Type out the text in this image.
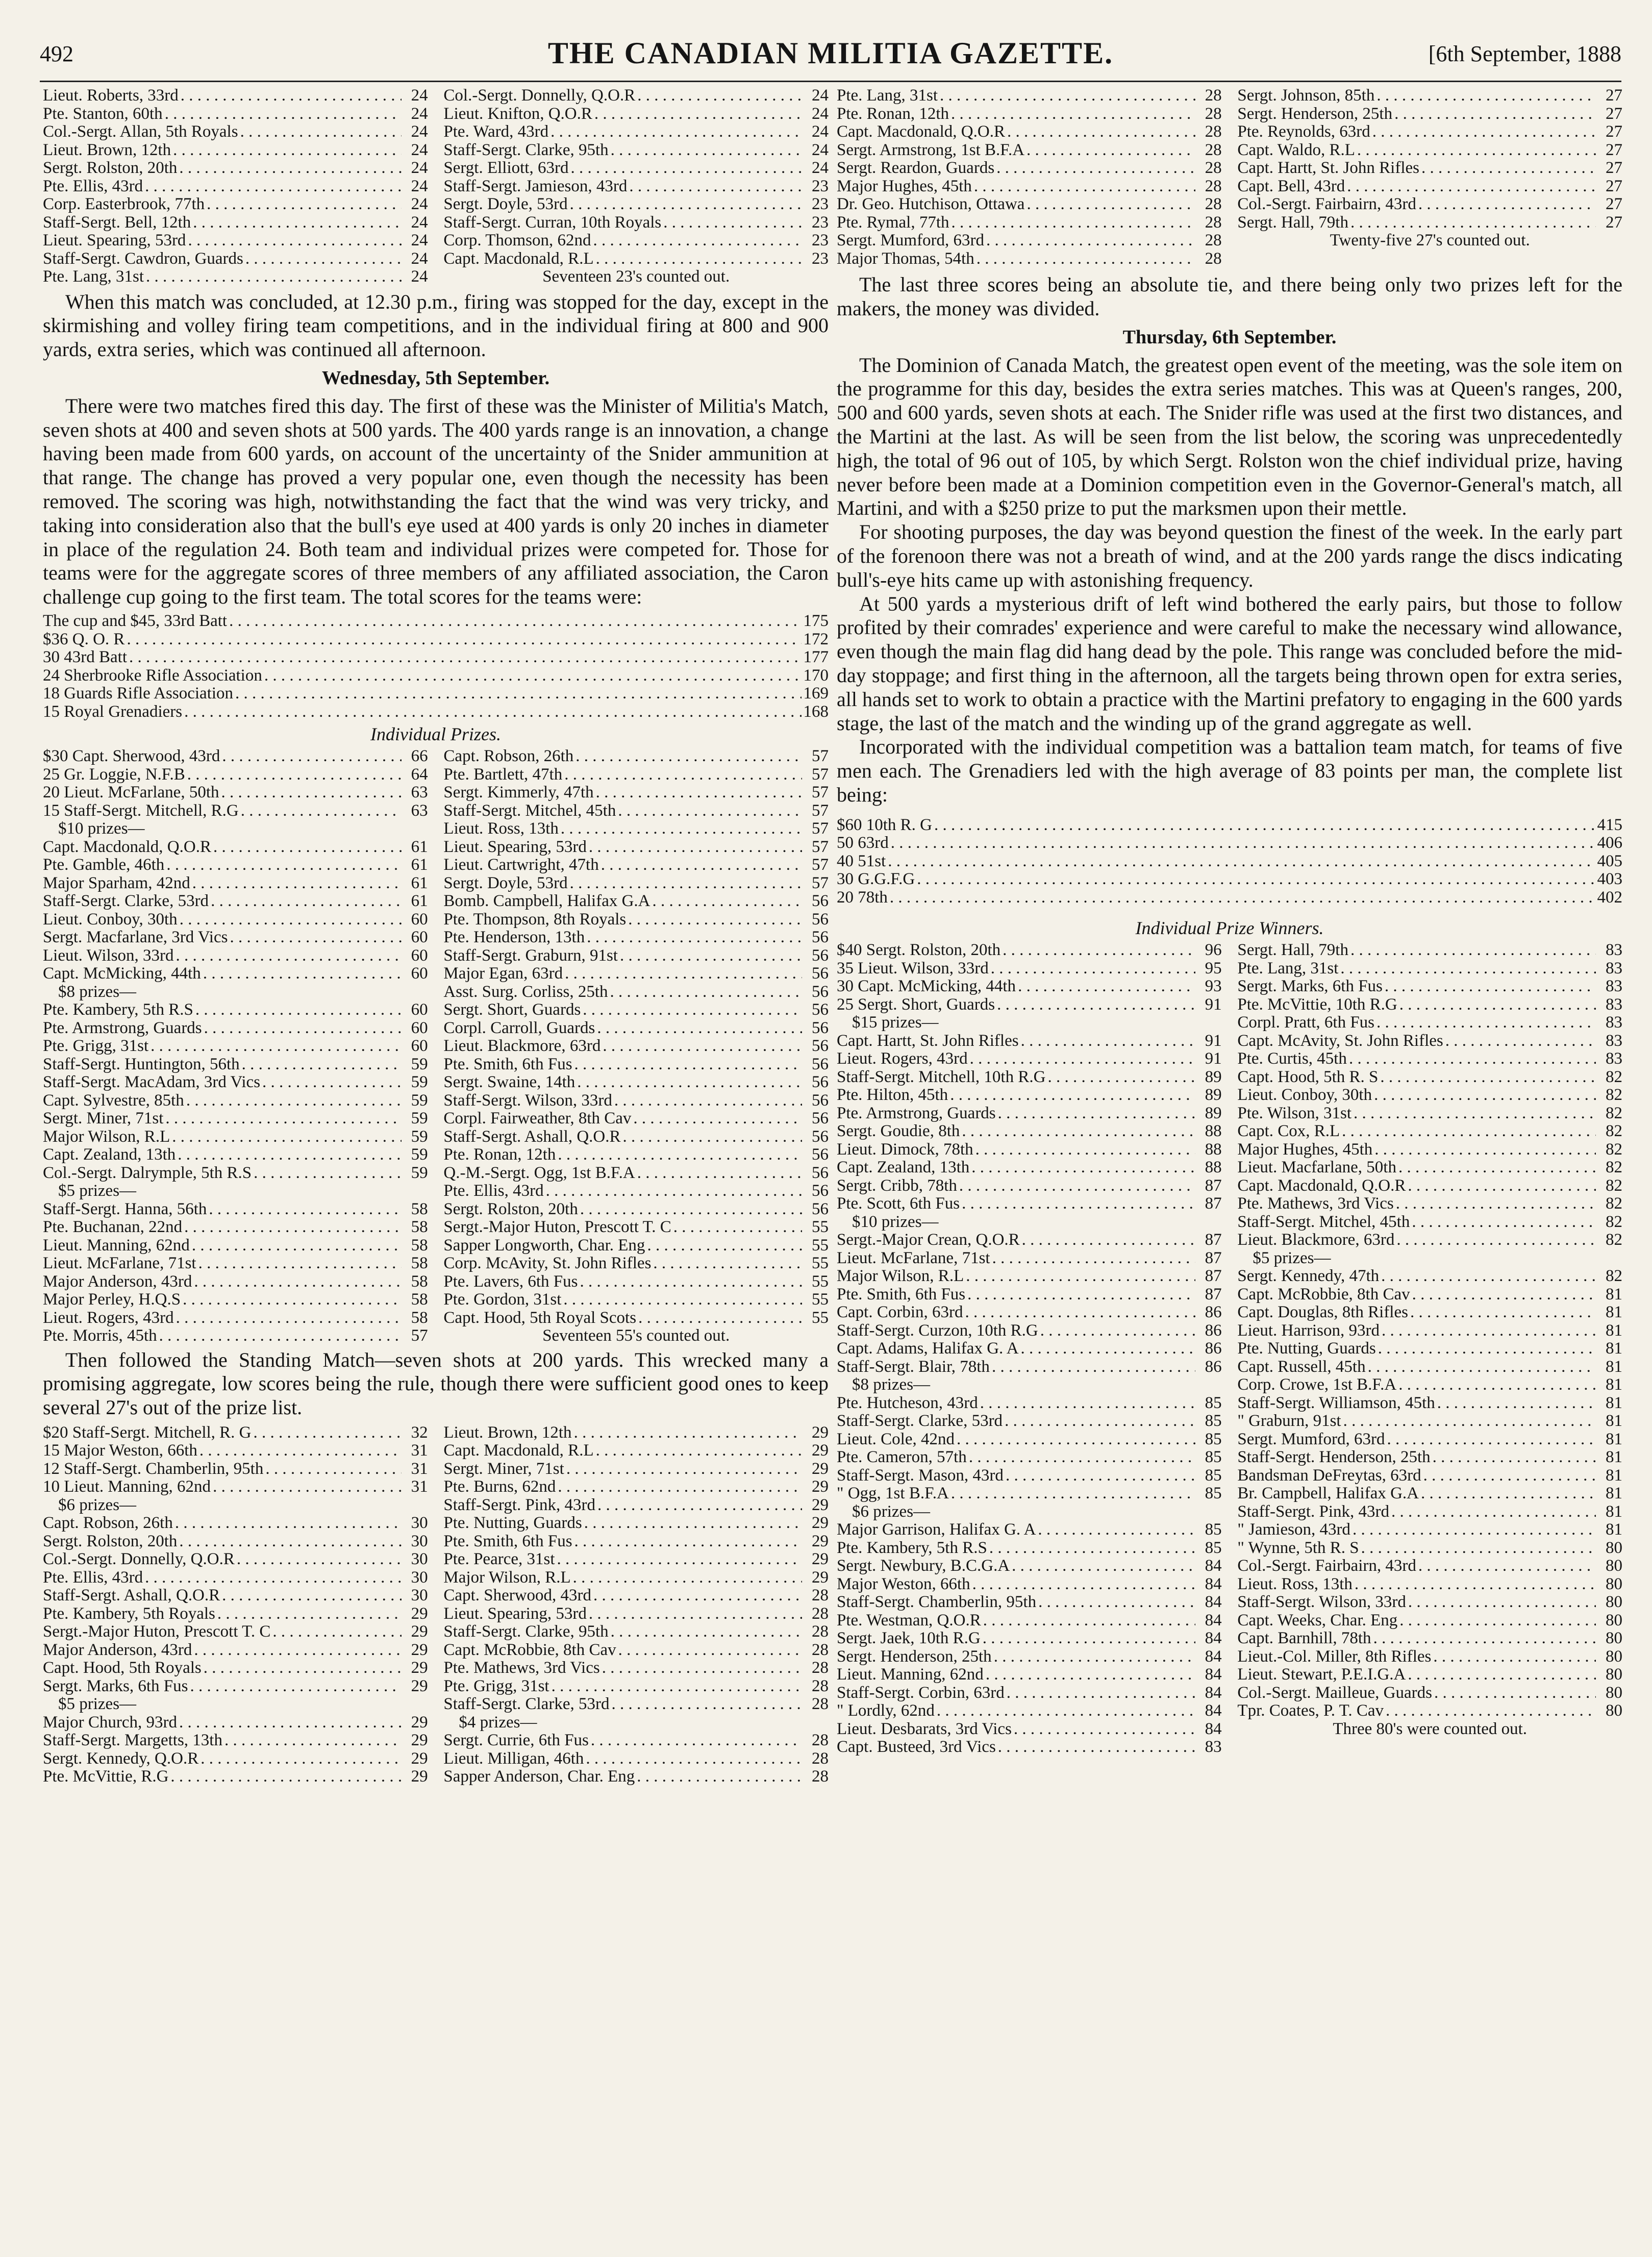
492	THE CANADIAN MILITIA GAZETTE.	[6th September, 1888
Lieut. Roberts, 33rd . . .	24
Pte. Stanton, 60th . . .	24
Col.-Sergt. Allan, 5th Royals . . .	24
Lieut. Brown, 12th . . .	24
Sergt. Rolston, 20th . . .	24
Pte. Ellis, 43rd . . .	24
Corp. Easterbrook, 77th . . .	24
Staff-Sergt. Bell, 12th . . .	24
Lieut. Spearing, 53rd . . .	24
Staff-Sergt. Cawdron, Guards . . .	24
Pte. Lang, 31st . . .	24
Col.-Sergt. Donnelly, Q.O.R . . .	24
Lieut. Knifton, Q.O.R . . .	24
Pte. Ward, 43rd . . .	24
Staff-Sergt. Clarke, 95th . . .	24
Sergt. Elliott, 63rd . . .	24
Staff-Sergt. Jamieson, 43rd . . .	23
Sergt. Doyle, 53rd . . .	23
Staff-Sergt. Curran, 10th Royals . . .	23
Corp. Thomson, 62nd . . .	23
Capt. Macdonald, R.L . . .	23
Seventeen 23's counted out.

When this match was concluded, at 12.30 p.m., firing was stopped for the day, except in the skirmishing and volley firing team competitions, and in the individual firing at 800 and 900 yards, extra series, which was continued all afternoon.

Wednesday, 5th September.

There were two matches fired this day. The first of these was the Minister of Militia's Match, seven shots at 400 and seven shots at 500 yards. The 400 yards range is an innovation, a change having been made from 600 yards, on account of the uncertainty of the Snider ammunition at that range. The change has proved a very popular one, even though the necessity has been removed. The scoring was high, notwithstanding the fact that the wind was very tricky, and taking into consideration also that the bull's eye used at 400 yards is only 20 inches in diameter in place of the regulation 24. Both team and individual prizes were competed for. Those for teams were for the aggregate scores of three members of any affiliated association, the Caron challenge cup going to the first team. The total scores for the teams were:

The cup and $45, 33rd Batt . . .	175
$36 Q. O. R . . .	172
30 43rd Batt . . .	177
24 Sherbrooke Rifle Association . . .	170
18 Guards Rifle Association . . .	169
15 Royal Grenadiers . . .	168
Individual Prizes.
$30 Capt. Sherwood, 43rd . . .	66
25 Gr. Loggie, N.F.B . . .	64
20 Lieut. McFarlane, 50th . . .	63
15 Staff-Sergt. Mitchell, R.G . . .	63
$10 prizes—
Capt. Macdonald, Q.O.R . . .	61
Pte. Gamble, 46th . . .	61
Major Sparham, 42nd . . .	61
Staff-Sergt. Clarke, 53rd . . .	61
Lieut. Conboy, 30th . . .	60
Sergt. Macfarlane, 3rd Vics . . .	60
Lieut. Wilson, 33rd . . .	60
Capt. McMicking, 44th . . .	60
$8 prizes—
Pte. Kambery, 5th R.S . . .	60
Pte. Armstrong, Guards . . .	60
Pte. Grigg, 31st . . .	60
Staff-Sergt. Huntington, 56th . . .	59
Staff-Sergt. MacAdam, 3rd Vics . . .	59
Capt. Sylvestre, 85th . . .	59
Sergt. Miner, 71st . . .	59
Major Wilson, R.L . . .	59
Capt. Zealand, 13th . . .	59
Col.-Sergt. Dalrymple, 5th R.S . . .	59
$5 prizes—
Staff-Sergt. Hanna, 56th . . .	58
Pte. Buchanan, 22nd . . .	58
Lieut. Manning, 62nd . . .	58
Lieut. McFarlane, 71st . . .	58
Major Anderson, 43rd . . .	58
Major Perley, H.Q.S . . .	58
Lieut. Rogers, 43rd . . .	58
Pte. Morris, 45th . . .	57
Capt. Robson, 26th . . .	57
Pte. Bartlett, 47th . . .	57
Sergt. Kimmerly, 47th . . .	57
Staff-Sergt. Mitchel, 45th . . .	57
Lieut. Ross, 13th . . .	57
Lieut. Spearing, 53rd . . .	57
Lieut. Cartwright, 47th . . .	57
Sergt. Doyle, 53rd . . .	57
Bomb. Campbell, Halifax G.A . . .	56
Pte. Thompson, 8th Royals . . .	56
Pte. Henderson, 13th . . .	56
Staff-Sergt. Graburn, 91st . . .	56
Major Egan, 63rd . . .	56
Asst. Surg. Corliss, 25th . . .	56
Sergt. Short, Guards . . .	56
Corpl. Carroll, Guards . . .	56
Lieut. Blackmore, 63rd . . .	56
Pte. Smith, 6th Fus . . .	56
Sergt. Swaine, 14th . . .	56
Staff-Sergt. Wilson, 33rd . . .	56
Corpl. Fairweather, 8th Cav . . .	56
Staff-Sergt. Ashall, Q.O.R . . .	56
Pte. Ronan, 12th . . .	56
Q.-M.-Sergt. Ogg, 1st B.F.A . . .	56
Pte. Ellis, 43rd . . .	56
Sergt. Rolston, 20th . . .	56
Sergt.-Major Huton, Prescott T. C . . .	55
Sapper Longworth, Char. Eng . . .	55
Corp. McAvity, St. John Rifles . . .	55
Pte. Lavers, 6th Fus . . .	55
Pte. Gordon, 31st . . .	55
Capt. Hood, 5th Royal Scots . . .	55
Seventeen 55's counted out.

Then followed the Standing Match—seven shots at 200 yards. This wrecked many a promising aggregate, low scores being the rule, though there were sufficient good ones to keep several 27's out of the prize list.

$20 Staff-Sergt. Mitchell, R. G . . .	32
15 Major Weston, 66th . . .	31
12 Staff-Sergt. Chamberlin, 95th . . .	31
10 Lieut. Manning, 62nd . . .	31
$6 prizes—
Capt. Robson, 26th . . .	30
Sergt. Rolston, 20th . . .	30
Col.-Sergt. Donnelly, Q.O.R . . .	30
Pte. Ellis, 43rd . . .	30
Staff-Sergt. Ashall, Q.O.R . . .	30
Pte. Kambery, 5th Royals . . .	29
Sergt.-Major Huton, Prescott T. C . . .	29
Major Anderson, 43rd . . .	29
Capt. Hood, 5th Royals . . .	29
Sergt. Marks, 6th Fus . . .	29
$5 prizes—
Major Church, 93rd . . .	29
Staff-Sergt. Margetts, 13th . . .	29
Sergt. Kennedy, Q.O.R . . .	29
Pte. McVittie, R.G . . .	29
Lieut. Brown, 12th . . .	29
Capt. Macdonald, R.L . . .	29
Sergt. Miner, 71st . . .	29
Pte. Burns, 62nd . . .	29
Staff-Sergt. Pink, 43rd . . .	29
Pte. Nutting, Guards . . .	29
Pte. Smith, 6th Fus . . .	29
Pte. Pearce, 31st . . .	29
Major Wilson, R.L . . .	29
Capt. Sherwood, 43rd . . .	28
Lieut. Spearing, 53rd . . .	28
Staff-Sergt. Clarke, 95th . . .	28
Capt. McRobbie, 8th Cav . . .	28
Pte. Mathews, 3rd Vics . . .	28
Pte. Grigg, 31st . . .	28
Staff-Sergt. Clarke, 53rd . . .	28
$4 prizes—
Sergt. Currie, 6th Fus . . .	28
Lieut. Milligan, 46th . . .	28
Sapper Anderson, Char. Eng . . .	28
Pte. Lang, 31st . . .	28
Pte. Ronan, 12th . . .	28
Capt. Macdonald, Q.O.R . . .	28
Sergt. Armstrong, 1st B.F.A . . .	28
Sergt. Reardon, Guards . . .	28
Major Hughes, 45th . . .	28
Dr. Geo. Hutchison, Ottawa . . .	28
Pte. Rymal, 77th . . .	28
Sergt. Mumford, 63rd . . .	28
Major Thomas, 54th . . .	28
Sergt. Johnson, 85th . . .	27
Sergt. Henderson, 25th . . .	27
Pte. Reynolds, 63rd . . .	27
Capt. Waldo, R.L . . .	27
Capt. Hartt, St. John Rifles . . .	27
Capt. Bell, 43rd . . .	27
Col.-Sergt. Fairbairn, 43rd . . .	27
Sergt. Hall, 79th . . .	27
Twenty-five 27's counted out.

The last three scores being an absolute tie, and there being only two prizes left for the makers, the money was divided.

Thursday, 6th September.

The Dominion of Canada Match, the greatest open event of the meeting, was the sole item on the programme for this day, besides the extra series matches. This was at Queen's ranges, 200, 500 and 600 yards, seven shots at each. The Snider rifle was used at the first two distances, and the Martini at the last. As will be seen from the list below, the scoring was unprecedentedly high, the total of 96 out of 105, by which Sergt. Rolston won the chief individual prize, having never before been made at a Dominion competition even in the Governor-General's match, all Martini, and with a $250 prize to put the marksmen upon their mettle.

For shooting purposes, the day was beyond question the finest of the week. In the early part of the forenoon there was not a breath of wind, and at the 200 yards range the discs indicating bull's-eye hits came up with astonishing frequency.

At 500 yards a mysterious drift of left wind bothered the early pairs, but those to follow profited by their comrades' experience and were careful to make the necessary wind allowance, even though the main flag did hang dead by the pole. This range was concluded before the mid-day stoppage; and first thing in the afternoon, all the targets being thrown open for extra series, all hands set to work to obtain a practice with the Martini prefatory to engaging in the 600 yards stage, the last of the match and the winding up of the grand aggregate as well.

Incorporated with the individual competition was a battalion team match, for teams of five men each. The Grenadiers led with the high average of 83 points per man, the complete list being:

$60 10th R. G . . .	415
50 63rd . . .	406
40 51st . . .	405
30 G.G.F.G . . .	403
20 78th . . .	402
Individual Prize Winners.
$40 Sergt. Rolston, 20th . . .	96
35 Lieut. Wilson, 33rd . . .	95
30 Capt. McMicking, 44th . . .	93
25 Sergt. Short, Guards . . .	91
$15 prizes—
Capt. Hartt, St. John Rifles . . .	91
Lieut. Rogers, 43rd . . .	91
Staff-Sergt. Mitchell, 10th R.G . . .	89
Pte. Hilton, 45th . . .	89
Pte. Armstrong, Guards . . .	89
Sergt. Goudie, 8th . . .	88
Lieut. Dimock, 78th . . .	88
Capt. Zealand, 13th . . .	88
Sergt. Cribb, 78th . . .	87
Pte. Scott, 6th Fus . . .	87
$10 prizes—
Sergt.-Major Crean, Q.O.R . . .	87
Lieut. McFarlane, 71st . . .	87
Major Wilson, R.L . . .	87
Pte. Smith, 6th Fus . . .	87
Capt. Corbin, 63rd . . .	86
Staff-Sergt. Curzon, 10th R.G . . .	86
Capt. Adams, Halifax G. A . . .	86
Staff-Sergt. Blair, 78th . . .	86
$8 prizes—
Pte. Hutcheson, 43rd . . .	85
Staff-Sergt. Clarke, 53rd . . .	85
Lieut. Cole, 42nd . . .	85
Pte. Cameron, 57th . . .	85
Staff-Sergt. Mason, 43rd . . .	85
" Ogg, 1st B.F.A . . .	85
$6 prizes—
Major Garrison, Halifax G. A . . .	85
Pte. Kambery, 5th R.S . . .	85
Sergt. Newbury, B.C.G.A . . .	84
Major Weston, 66th . . .	84
Staff-Sergt. Chamberlin, 95th . . .	84
Pte. Westman, Q.O.R . . .	84
Sergt. Jaek, 10th R.G . . .	84
Sergt. Henderson, 25th . . .	84
Lieut. Manning, 62nd . . .	84
Staff-Sergt. Corbin, 63rd . . .	84
" Lordly, 62nd . . .	84
Lieut. Desbarats, 3rd Vics . . .	84
Capt. Busteed, 3rd Vics . . .	83
Sergt. Hall, 79th . . .	83
Pte. Lang, 31st . . .	83
Sergt. Marks, 6th Fus . . .	83
Pte. McVittie, 10th R.G . . .	83
Corpl. Pratt, 6th Fus . . .	83
Capt. McAvity, St. John Rifles . . .	83
Pte. Curtis, 45th . . .	83
Capt. Hood, 5th R. S . . .	82
Lieut. Conboy, 30th . . .	82
Pte. Wilson, 31st . . .	82
Capt. Cox, R.L . . .	82
Major Hughes, 45th . . .	82
Lieut. Macfarlane, 50th . . .	82
Capt. Macdonald, Q.O.R . . .	82
Pte. Mathews, 3rd Vics . . .	82
Staff-Sergt. Mitchel, 45th . . .	82
Lieut. Blackmore, 63rd . . .	82
$5 prizes—
Sergt. Kennedy, 47th . . .	82
Capt. McRobbie, 8th Cav . . .	81
Capt. Douglas, 8th Rifles . . .	81
Lieut. Harrison, 93rd . . .	81
Pte. Nutting, Guards . . .	81
Capt. Russell, 45th . . .	81
Corp. Crowe, 1st B.F.A . . .	81
Staff-Sergt. Williamson, 45th . . .	81
" Graburn, 91st . . .	81
Sergt. Mumford, 63rd . . .	81
Staff-Sergt. Henderson, 25th . . .	81
Bandsman DeFreytas, 63rd . . .	81
Br. Campbell, Halifax G.A . . .	81
Staff-Sergt. Pink, 43rd . . .	81
" Jamieson, 43rd . . .	81
" Wynne, 5th R. S . . .	80
Col.-Sergt. Fairbairn, 43rd . . .	80
Lieut. Ross, 13th . . .	80
Staff-Sergt. Wilson, 33rd . . .	80
Capt. Weeks, Char. Eng . . .	80
Capt. Barnhill, 78th . . .	80
Lieut.-Col. Miller, 8th Rifles . . .	80
Lieut. Stewart, P.E.I.G.A . . .	80
Col.-Sergt. Mailleue, Guards . . .	80
Tpr. Coates, P. T. Cav . . .	80
Three 80's were counted out.
